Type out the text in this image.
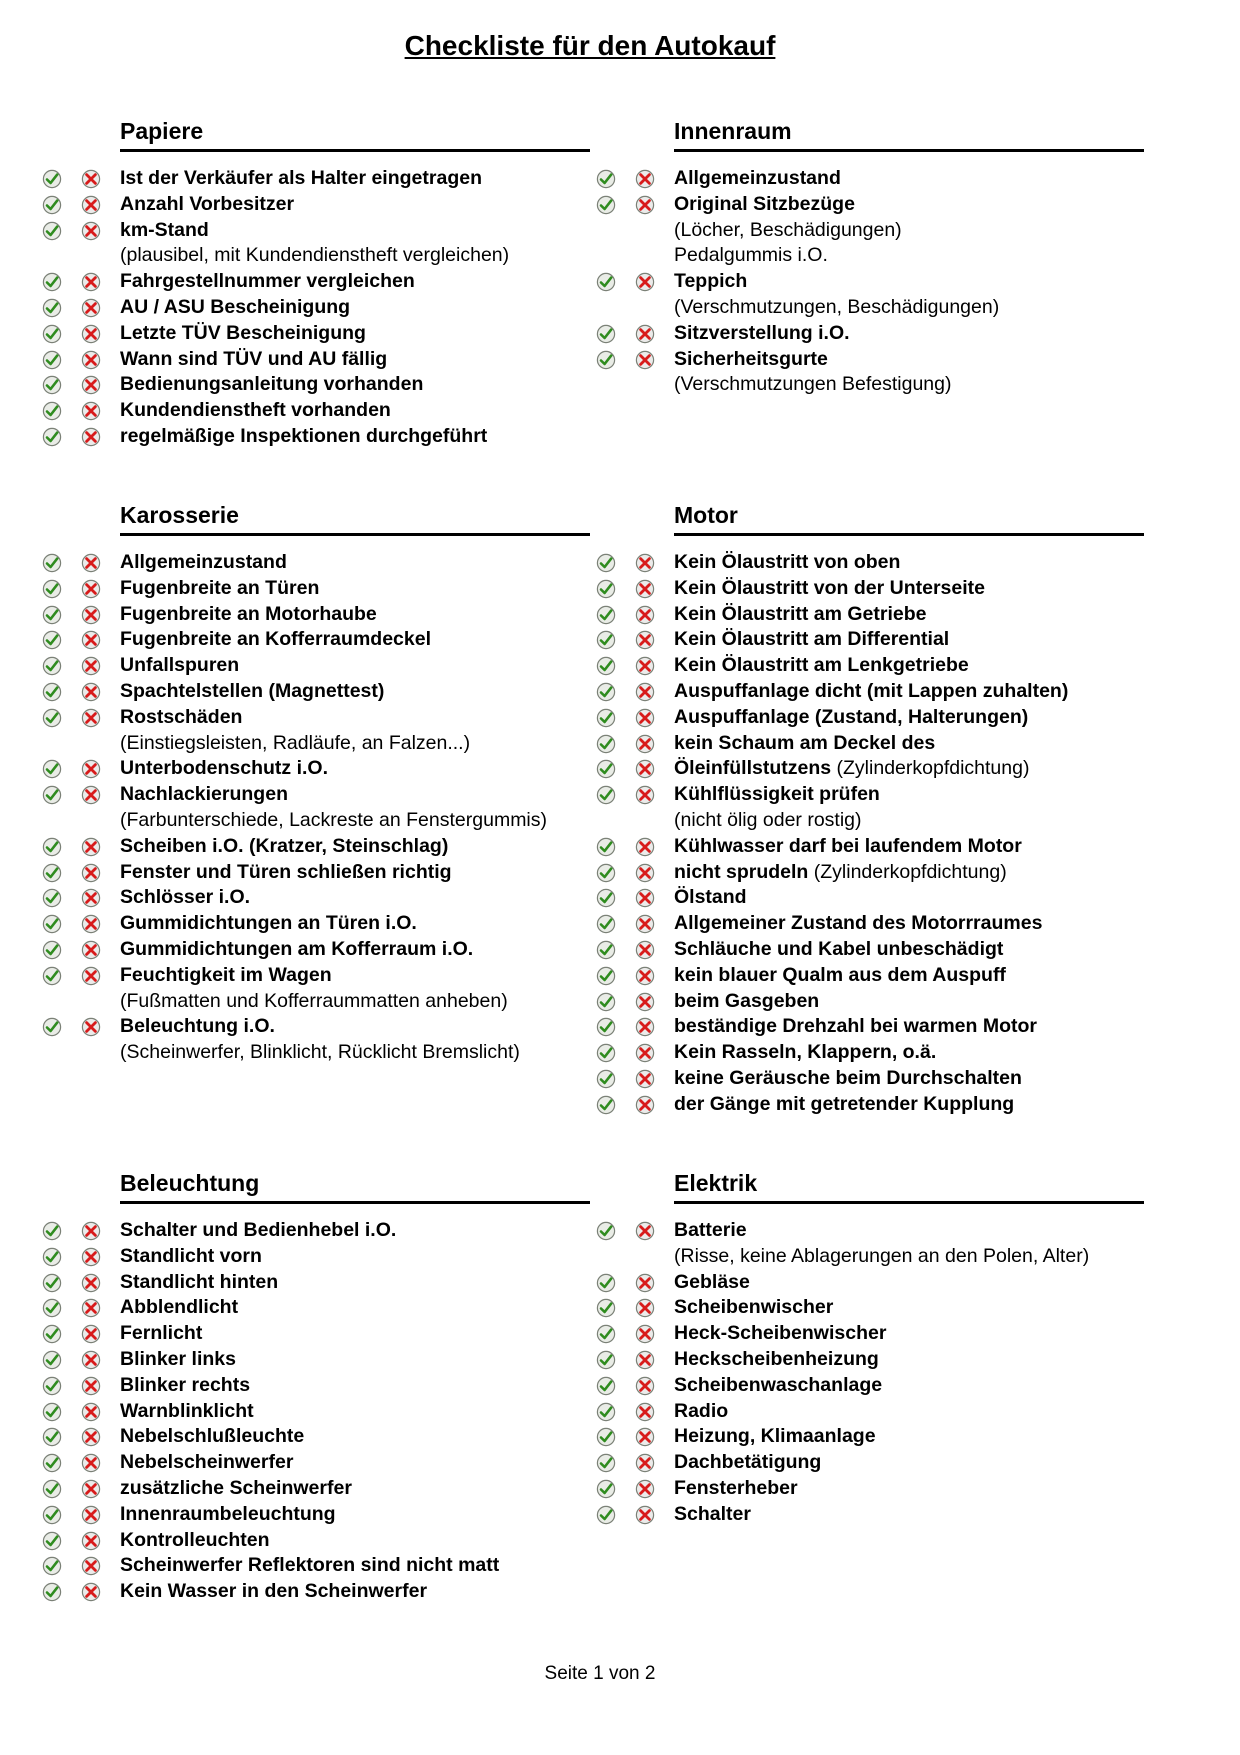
Checkliste für den Autokauf
Papiere
Ist der Verkäufer als Halter eingetragen
Anzahl Vorbesitzer
km-Stand
(plausibel, mit Kundendienstheft vergleichen)
Fahrgestellnummer vergleichen
AU / ASU Bescheinigung
Letzte TÜV Bescheinigung
Wann sind TÜV und AU fällig
Bedienungsanleitung vorhanden
Kundendienstheft vorhanden
regelmäßige Inspektionen durchgeführt
Innenraum
Allgemeinzustand
Original Sitzbezüge
(Löcher, Beschädigungen)
Pedalgummis i.O.
Teppich
(Verschmutzungen, Beschädigungen)
Sitzverstellung i.O.
Sicherheitsgurte
(Verschmutzungen Befestigung)
Karosserie
Allgemeinzustand
Fugenbreite an Türen
Fugenbreite an Motorhaube
Fugenbreite an Kofferraumdeckel
Unfallspuren
Spachtelstellen (Magnettest)
Rostschäden
(Einstiegsleisten, Radläufe, an Falzen...)
Unterbodenschutz i.O.
Nachlackierungen
(Farbunterschiede, Lackreste an Fenstergummis)
Scheiben i.O. (Kratzer, Steinschlag)
Fenster und Türen schließen richtig
Schlösser i.O.
Gummidichtungen an Türen i.O.
Gummidichtungen am Kofferraum i.O.
Feuchtigkeit im Wagen
(Fußmatten und Kofferraummatten anheben)
Beleuchtung i.O.
(Scheinwerfer, Blinklicht, Rücklicht Bremslicht)
Motor
Kein Ölaustritt von oben
Kein Ölaustritt von der Unterseite
Kein Ölaustritt am Getriebe
Kein Ölaustritt am Differential
Kein Ölaustritt am Lenkgetriebe
Auspuffanlage dicht (mit Lappen zuhalten)
Auspuffanlage (Zustand, Halterungen)
kein Schaum am Deckel des
Öleinfüllstutzens (Zylinderkopfdichtung)
Kühlflüssigkeit prüfen
(nicht ölig oder rostig)
Kühlwasser darf bei laufendem Motor
nicht sprudeln (Zylinderkopfdichtung)
Ölstand
Allgemeiner Zustand des Motorrraumes
Schläuche und Kabel unbeschädigt
kein blauer Qualm aus dem Auspuff
beim Gasgeben
beständige Drehzahl bei warmen Motor
Kein Rasseln, Klappern, o.ä.
keine Geräusche beim Durchschalten
der Gänge mit getretender Kupplung
Beleuchtung
Schalter und Bedienhebel i.O.
Standlicht vorn
Standlicht hinten
Abblendlicht
Fernlicht
Blinker links
Blinker rechts
Warnblinklicht
Nebelschlußleuchte
Nebelscheinwerfer
zusätzliche Scheinwerfer
Innenraumbeleuchtung
Kontrolleuchten
Scheinwerfer Reflektoren sind nicht matt
Kein Wasser in den Scheinwerfer
Elektrik
Batterie
(Risse, keine Ablagerungen an den Polen, Alter)
Gebläse
Scheibenwischer
Heck-Scheibenwischer
Heckscheibenheizung
Scheibenwaschanlage
Radio
Heizung, Klimaanlage
Dachbetätigung
Fensterheber
Schalter
Seite 1 von 2
